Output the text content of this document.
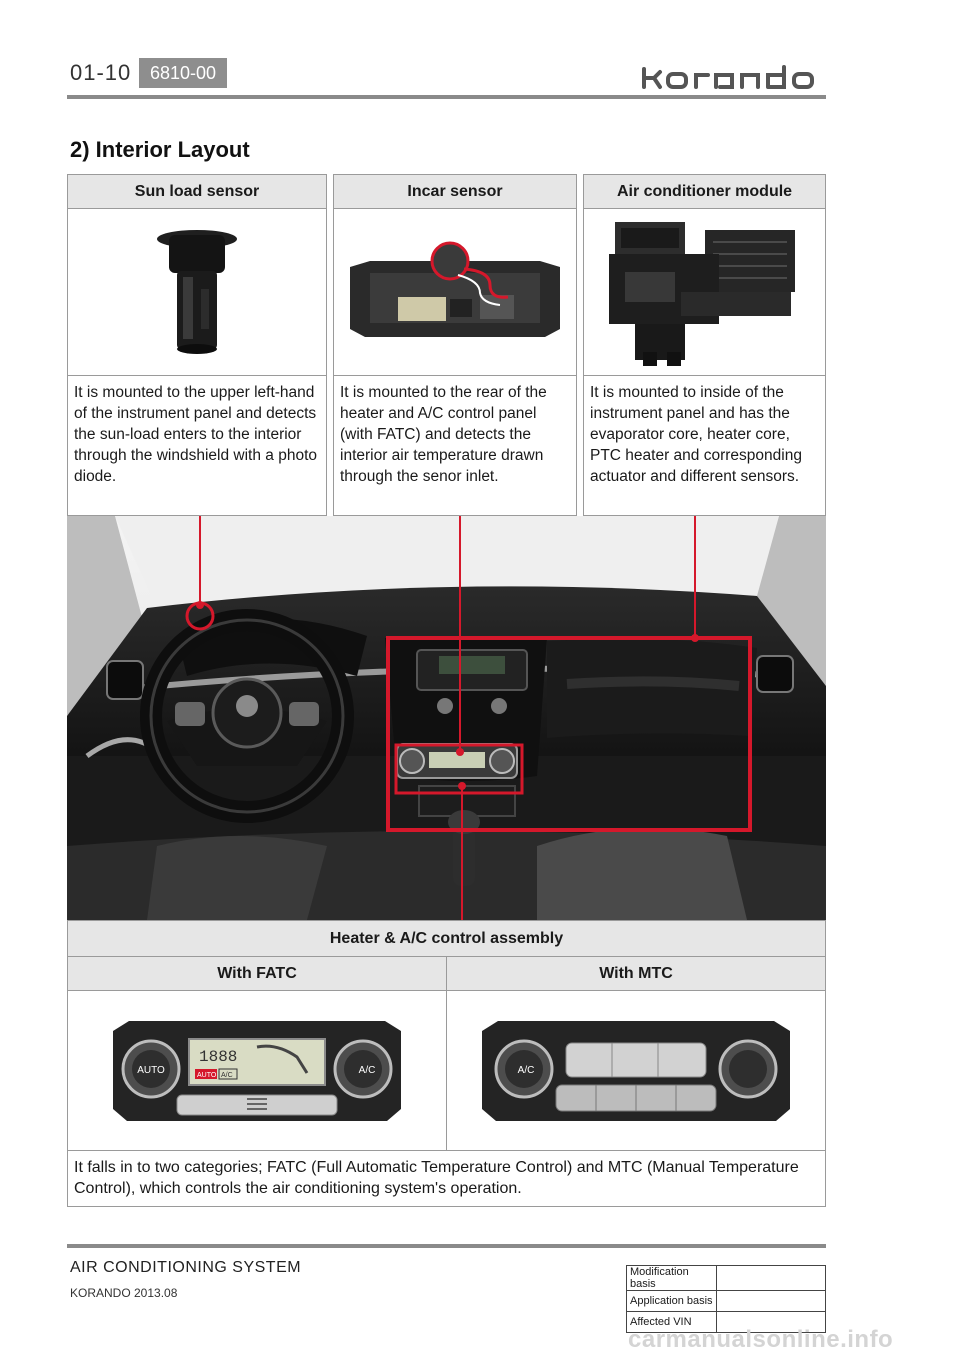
01-10	6810-00
2) Interior Layout
Sun load sensor	Incar sensor	Air conditioner module
It is mounted to the upper left-hand of the instrument panel and detects the sun-load enters to the interior through the windshield with a photo diode.
It is mounted to the rear of the heater and A/C control panel (with FATC) and detects the interior air temperature drawn through the senor inlet.
It is mounted to inside of the instrument panel and has the evaporator core, heater core, PTC heater and corresponding actuator and different sensors.
Heater & A/C control assembly
With FATC	With MTC
AUTO	A/C
1888
AUTO A/C	A/C
It falls in to two categories; FATC (Full Automatic Temperature Control) and MTC (Manual Temperature Control), which controls the air conditioning system's operation.
AIR CONDITIONING SYSTEM
KORANDO 2013.08
Modification basis	
Application basis	
Affected VIN	
carmanualsonline.info
